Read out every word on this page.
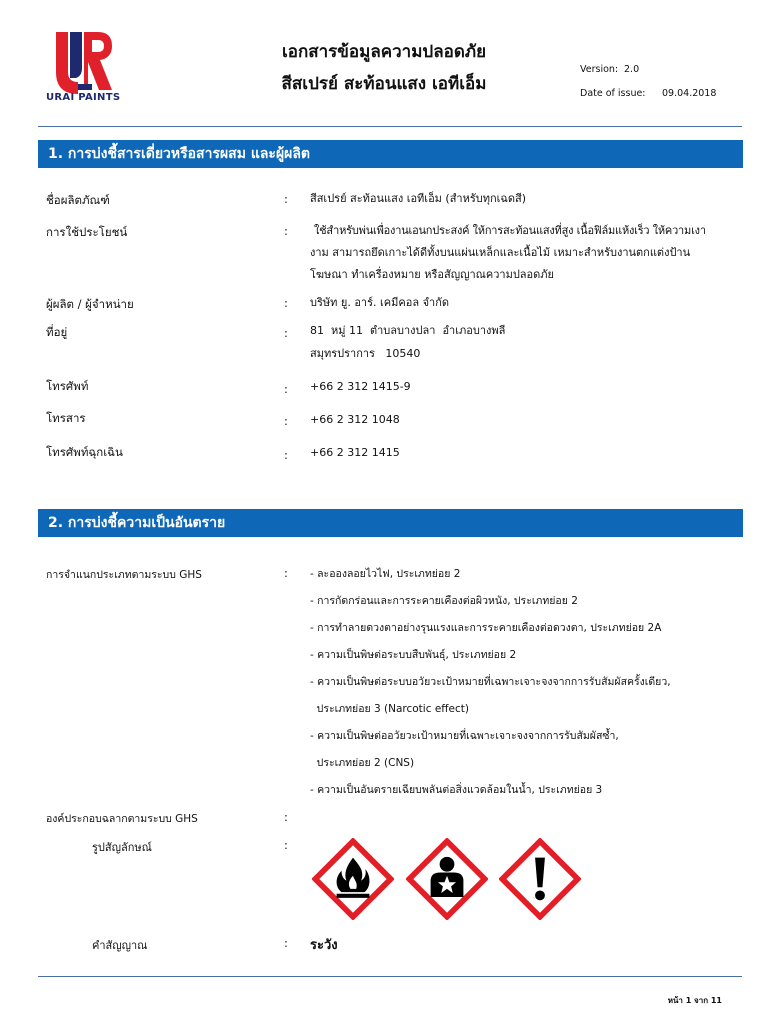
URAI PAINTS
เอกสารข้อมูลความปลอดภัย
สีสเปรย์ สะท้อนแสง เอทีเอ็ม
Version: 2.0
Date of issue: 09.04.2018
1. การบ่งชี้สารเดี่ยวหรือสารผสม และผู้ผลิต
ชื่อผลิตภัณฑ์	: สีสเปรย์ สะท้อนแสง เอทีเอ็ม (สำหรับทุกเฉดสี)
การใช้ประโยชน์	: ใช้สำหรับพ่นเพื่องานเอนกประสงค์ ให้การสะท้อนแสงที่สูง เนื้อฟิล์มแห้งเร็ว ให้ความเงา
งาม สามารถยึดเกาะได้ดีทั้งบนแผ่นเหล็กและเนื้อไม้ เหมาะสำหรับงานตกแต่งป้าน
โฆษณา ทำเครื่องหมาย หรือสัญญาณความปลอดภัย
ผู้ผลิต / ผู้จำหน่าย	: บริษัท ยู. อาร์. เคมีคอล จำกัด
ที่อยู่	: 81  หมู่ 11  ตำบลบางปลา  อำเภอบางพลี
สมุทรปราการ   10540
โทรศัพท์	: +66 2 312 1415-9
โทรสาร	: +66 2 312 1048
โทรศัพท์ฉุกเฉิน	: +66 2 312 1415
2. การบ่งชี้ความเป็นอันตราย
การจำแนกประเภทตามระบบ GHS	: - ละอองลอยไวไฟ, ประเภทย่อย 2
- การกัดกร่อนและการระคายเคืองต่อผิวหนัง, ประเภทย่อย 2
- การทำลายดวงตาอย่างรุนแรงและการระคายเคืองต่อดวงตา, ประเภทย่อย 2A
- ความเป็นพิษต่อระบบสืบพันธุ์, ประเภทย่อย 2
- ความเป็นพิษต่อระบบอวัยวะเป้าหมายที่เฉพาะเจาะจงจากการรับสัมผัสครั้งเดียว,
ประเภทย่อย 3 (Narcotic effect)
- ความเป็นพิษต่ออวัยวะเป้าหมายที่เฉพาะเจาะจงจากการรับสัมผัสซ้ำ,
ประเภทย่อย 2 (CNS)
- ความเป็นอันตรายเฉียบพลันต่อสิ่งแวดล้อมในน้ำ, ประเภทย่อย 3
องค์ประกอบฉลากตามระบบ GHS	:
รูปสัญลักษณ์	:
คำสัญญาณ	: ระวัง
หน้า 1 จาก 11
